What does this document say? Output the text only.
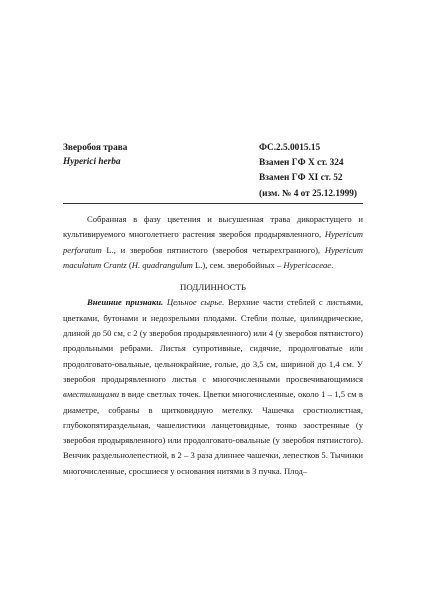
Зверобоя трава
Hyperici herba
ФС.2.5.0015.15
Взамен ГФ X ст. 324
Взамен ГФ XI ст. 52
(изм. № 4 от 25.12.1999)

Собранная в фазу цветения и высушенная трава дикорастущего и культивируемого многолетнего растения зверобоя продырявленного, Hypericum perforatum L., и зверобоя пятнистого (зверобоя четырехгранного), Hypericum maculatum Crantz (H. quadrangulum L.), сем. зверобойных – Hypericaceae.

ПОДЛИННОСТЬ

Внешние признаки. Цельное сырье. Верхние части стеблей с листьями, цветками, бутонами и недозрелыми плодами. Стебли полые, цилиндрические, длиной до 50 см, с 2 (у зверобоя продырявленного) или 4 (у зверобоя пятнистого) продольными ребрами. Листья супротивные, сидячие, продолговатые или продолговато-овальные, цельнокрайние, голые, до 3,5 см, шириной до 1,4 см. У зверобоя продырявленного листья с многочисленными просвечивающимися вместилищами в виде светлых точек. Цветки многочисленные, около 1 – 1,5 см в диаметре, собраны в щитковидную метелку. Чашечка сростнолистная, глубокопятираздельная, чашелистики ланцетовидные, тонко заостренные (у зверобоя продырявленного) или продолговато-овальные (у зверобоя пятнистого). Венчик раздельнолепестной, в 2 – 3 раза длиннее чашечки, лепестков 5. Тычинки многочисленные, сросшиеся у основания нитями в 3 пучка. Плод–
